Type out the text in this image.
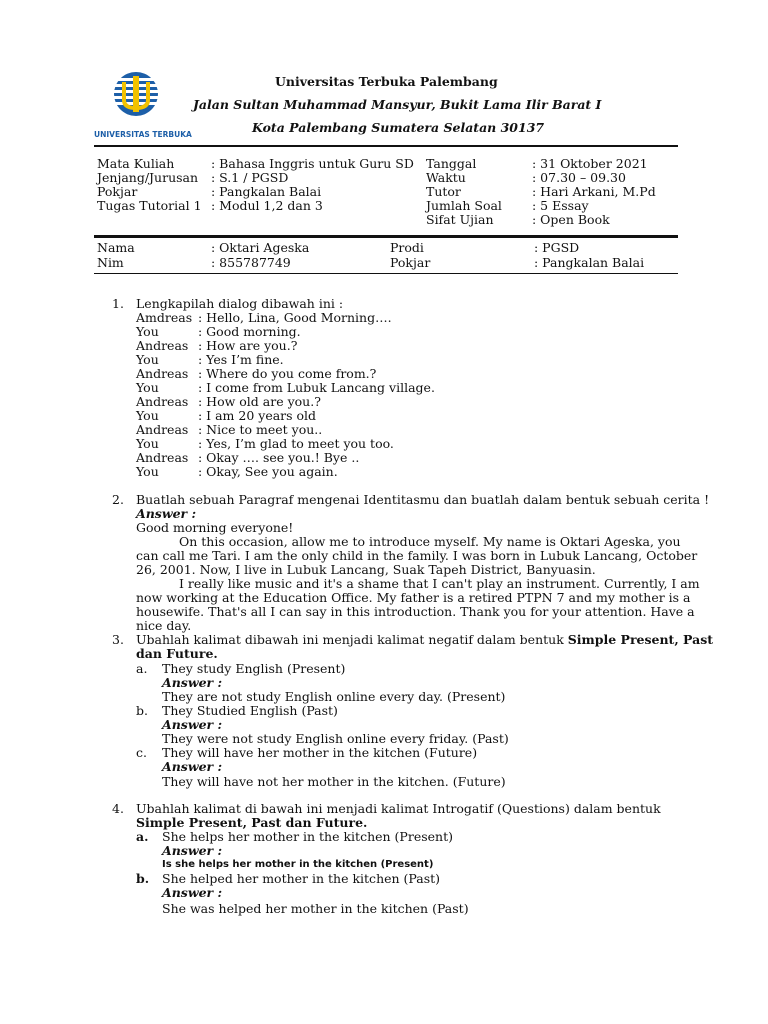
UNIVERSITAS TERBUKA
Universitas Terbuka Palembang
Jalan Sultan Muhammad Mansyur, Bukit Lama Ilir Barat I
Kota Palembang Sumatera Selatan 30137
Mata Kuliah	: Bahasa Inggris untuk Guru SD
Jenjang/Jurusan : S.1 / PGSD
Pokjar	: Pangkalan Balai
Tugas Tutorial 1 : Modul 1,2 dan 3
Tanggal	: 31 Oktober 2021
Waktu	: 07.30 – 09.30
Tutor	: Hari Arkani, M.Pd
Jumlah Soal : 5 Essay
Sifat Ujian	: Open Book
Nama	: Oktari Ageska	Prodi	: PGSD
Nim	: 855787749	Pokjar	: Pangkalan Balai
1. Lengkapilah dialog dibawah ini :
Amdreas : Hello, Lina, Good Morning….
You	: Good morning.
Andreas : How are you.?
You	: Yes I’m fine.
Andreas : Where do you come from.?
You	: I come from Lubuk Lancang village.
Andreas : How old are you.?
You	: I am 20 years old
Andreas : Nice to meet you..
You	: Yes, I’m glad to meet you too.
Andreas : Okay …. see you.! Bye ..
You	: Okay, See you again.
2. Buatlah sebuah Paragraf mengenai Identitasmu dan buatlah dalam bentuk sebuah cerita !
Answer :
Good morning everyone!
On this occasion, allow me to introduce myself. My name is Oktari Ageska, you
can call me Tari. I am the only child in the family. I was born in Lubuk Lancang, October
26, 2001. Now, I live in Lubuk Lancang, Suak Tapeh District, Banyuasin.
I really like music and it's a shame that I can't play an instrument. Currently, I am
now working at the Education Office. My father is a retired PTPN 7 and my mother is a
housewife. That's all I can say in this introduction. Thank you for your attention. Have a
nice day.
3. Ubahlah kalimat dibawah ini menjadi kalimat negatif dalam bentuk Simple Present, Past
dan Future.
a. They study English (Present)
Answer :
They are not study English online every day. (Present)
b. They Studied English (Past)
Answer :
They were not study English online every friday. (Past)
c. They will have her mother in the kitchen (Future)
Answer :
They will have not her mother in the kitchen. (Future)
4. Ubahlah kalimat di bawah ini menjadi kalimat Introgatif (Questions) dalam bentuk
Simple Present, Past dan Future.
a. She helps her mother in the kitchen (Present)
Answer :
Is she helps her mother in the kitchen (Present)
b. She helped her mother in the kitchen (Past)
Answer :
She was helped her mother in the kitchen (Past)
